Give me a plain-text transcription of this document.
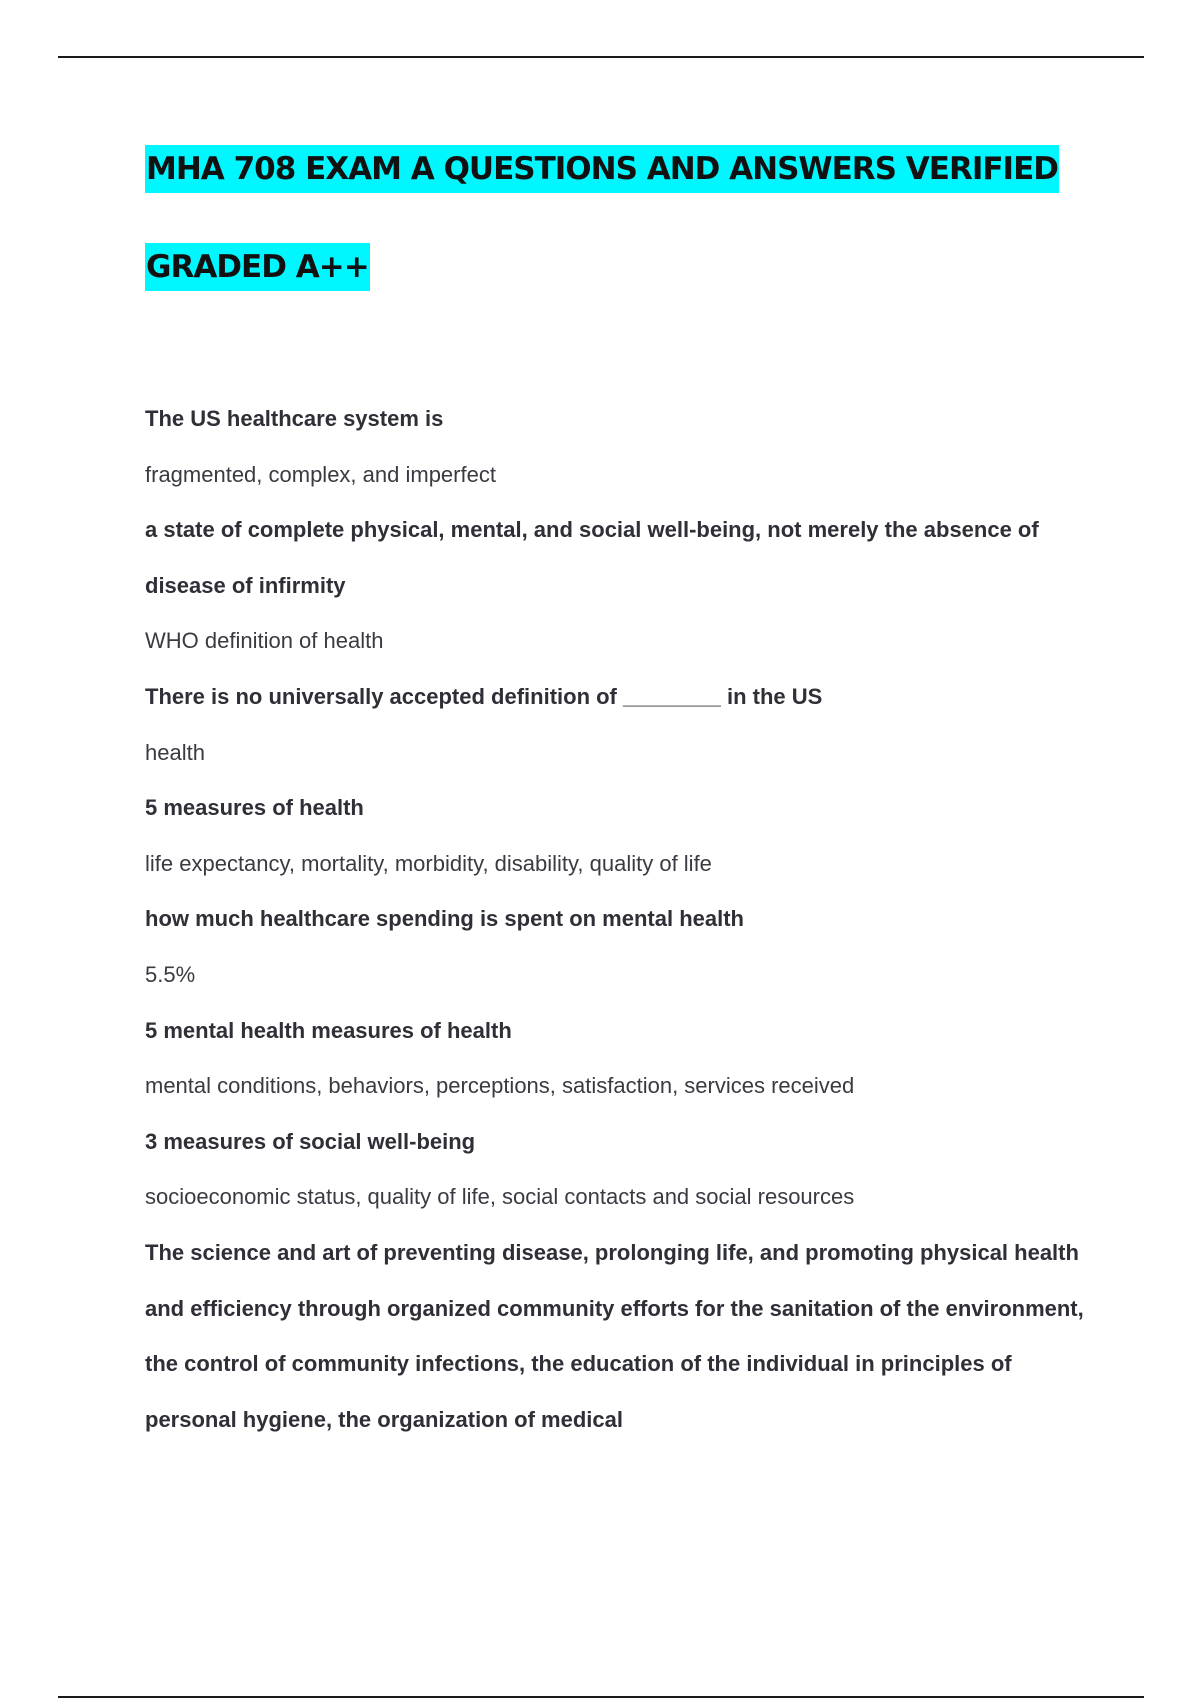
MHA 708 EXAM A QUESTIONS AND ANSWERS VERIFIED
GRADED A++

The US healthcare system is

fragmented, complex, and imperfect

a state of complete physical, mental, and social well-being, not merely the absence of disease of infirmity

WHO definition of health

There is no universally accepted definition of ________ in the US

health

5 measures of health

life expectancy, mortality, morbidity, disability, quality of life

how much healthcare spending is spent on mental health

5.5%

5 mental health measures of health

mental conditions, behaviors, perceptions, satisfaction, services received

3 measures of social well-being

socioeconomic status, quality of life, social contacts and social resources

The science and art of preventing disease, prolonging life, and promoting physical health and efficiency through organized community efforts for the sanitation of the environment, the control of community infections, the education of the individual in principles of personal hygiene, the organization of medical
